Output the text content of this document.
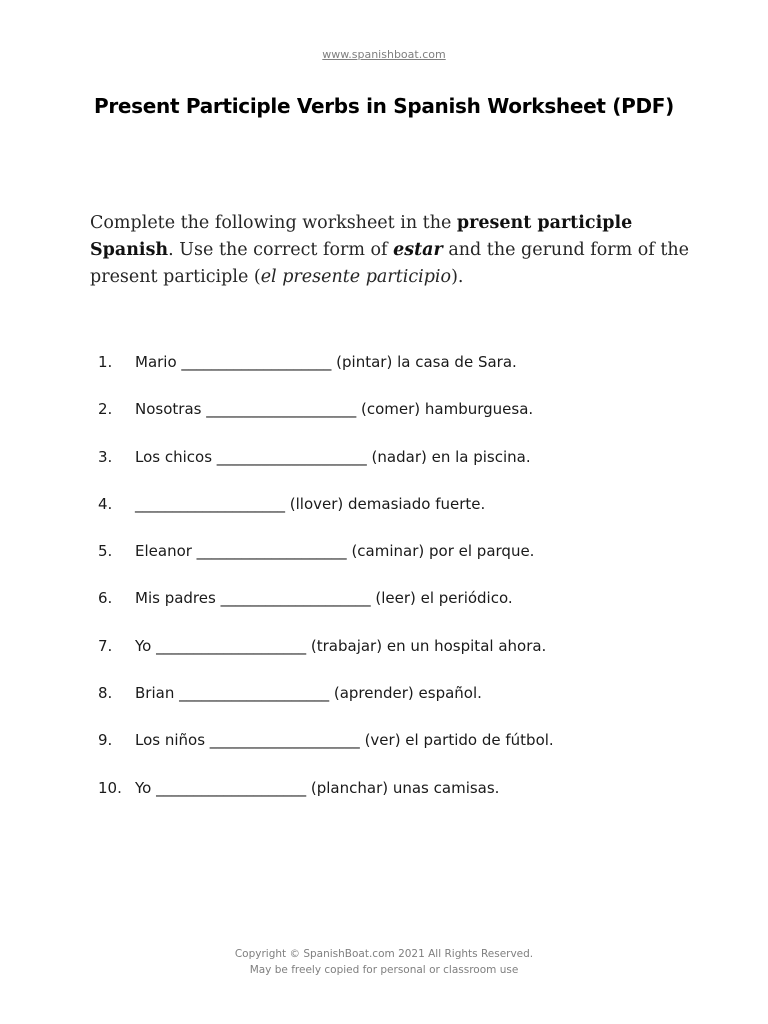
www.spanishboat.com
Present Participle Verbs in Spanish Worksheet (PDF)
Complete the following worksheet in the present participle Spanish. Use the correct form of estar and the gerund form of the present participle (el presente participio).
1.	Mario ____________________ (pintar) la casa de Sara.
2.	Nosotras ____________________ (comer) hamburguesa.
3.	Los chicos ____________________ (nadar) en la piscina.
4.	____________________ (llover) demasiado fuerte.
5.	Eleanor ____________________ (caminar) por el parque.
6.	Mis padres ____________________ (leer) el periódico.
7.	Yo ____________________ (trabajar) en un hospital ahora.
8.	Brian ____________________ (aprender) español.
9.	Los niños ____________________ (ver) el partido de fútbol.
10. Yo ____________________ (planchar) unas camisas.
Copyright © SpanishBoat.com 2021 All Rights Reserved.
May be freely copied for personal or classroom use
